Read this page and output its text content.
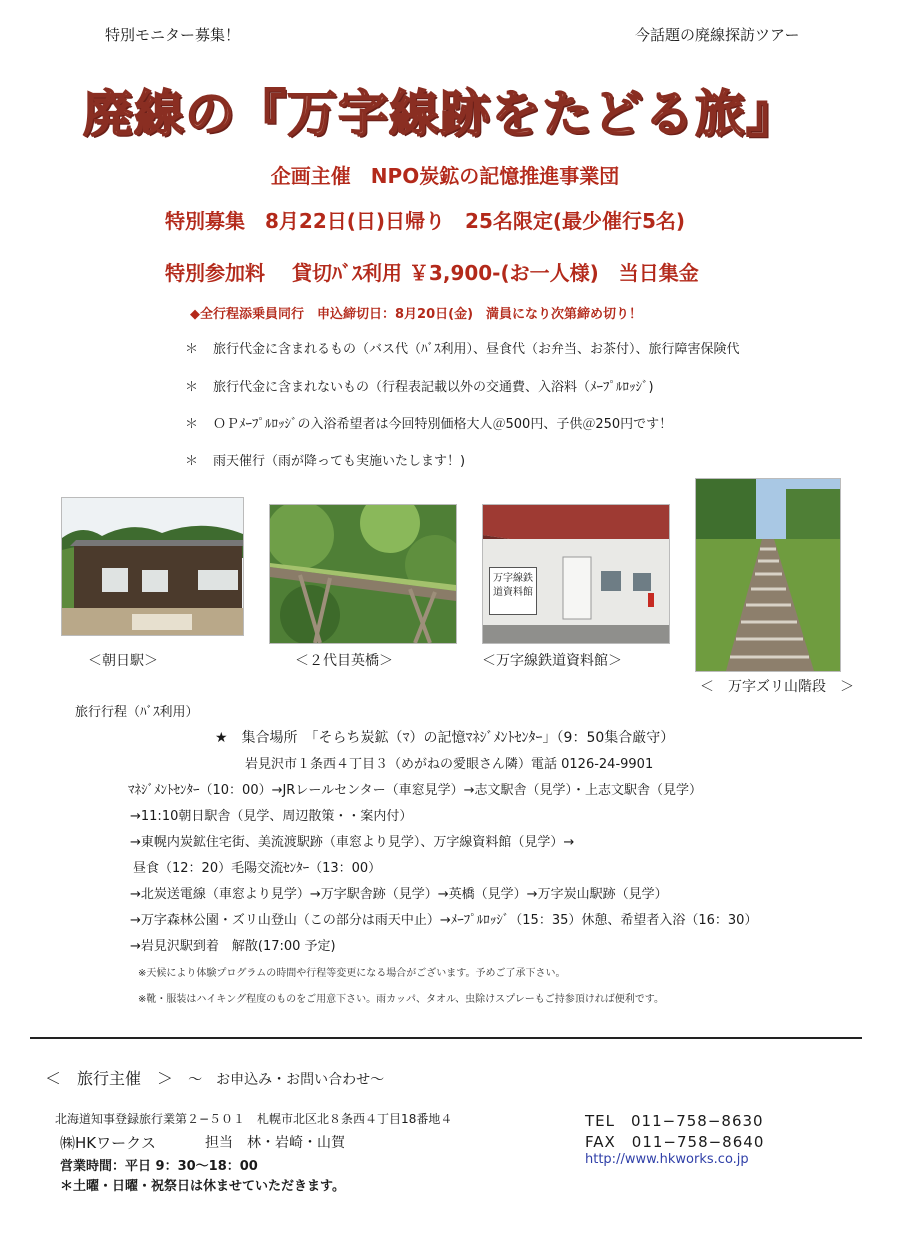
特別モニター募集！	今話題の廃線探訪ツアー
廃線の『万字線跡をたどる旅』
企画主催　NPO炭鉱の記憶推進事業団
特別募集　8月22日(日)日帰り　25名限定(最少催行5名)
特別参加料　 貸切ﾊﾞｽ利用 ￥3,900-(お一人様)　当日集金
◆全行程添乗員同行　申込締切日：8月20日(金)　満員になり次第締め切り！
＊ 旅行代金に含まれるもの（バス代（ﾊﾞｽ利用）、昼食代（お弁当、お茶付）、旅行障害保険代
＊ 旅行代金に含まれないもの（行程表記載以外の交通費、入浴料（ﾒｰﾌﾟﾙﾛｯｼﾞ)
＊ ＯＰﾒｰﾌﾟﾙﾛｯｼﾞの入浴希望者は今回特別価格大人＠500円、子供＠250円です！
＊ 雨天催行（雨が降っても実施いたします！)
＜朝日駅＞	＜２代目英橋＞
万字線鉄道資料館
＜万字線鉄道資料館＞
＜　万字ズリ山階段　＞
旅行行程（ﾊﾞｽ利用）
★　集合場所　「そらち炭鉱（ﾏ）の記憶ﾏﾈｼﾞﾒﾝﾄｾﾝﾀｰ」（9：50集合厳守）
岩見沢市１条西４丁目３（めがねの愛眼さん隣）電話 0126-24-9901
ﾏﾈｼﾞﾒﾝﾄｾﾝﾀｰ（10：00）→JRレールセンター（車窓見学）→志文駅舎（見学）・上志文駅舎（見学）
→11:10朝日駅舎（見学、周辺散策・・案内付）
→東幌内炭鉱住宅街、美流渡駅跡（車窓より見学）、万字線資料館（見学）→
昼食（12：20）毛陽交流ｾﾝﾀｰ（13：00）
→北炭送電線（車窓より見学）→万字駅舎跡（見学）→英橋（見学）→万字炭山駅跡（見学）
→万字森林公園・ズリ山登山（この部分は雨天中止）→ﾒｰﾌﾟﾙﾛｯｼﾞ（15：35）休憩、希望者入浴（16：30）
→岩見沢駅到着　解散(17:00 予定)
※天候により体験プログラムの時間や行程等変更になる場合がございます。予めご了承下さい。
※靴・服装はハイキング程度のものをご用意下さい。雨カッパ、タオル、虫除けスプレーもご持参頂ければ便利です。
＜　旅行主催　＞ 〜　お申込み・お問い合わせ〜
北海道知事登録旅行業第２−５０１　札幌市北区北８条西４丁目18番地４
㈱HKワークス	担当　林・岩崎・山賀
営業時間：平日 9：30〜18：00
＊土曜・日曜・祝祭日は休ませていただきます。
TEL　011−758−8630
FAX　011−758−8640
http://www.hkworks.co.jp
